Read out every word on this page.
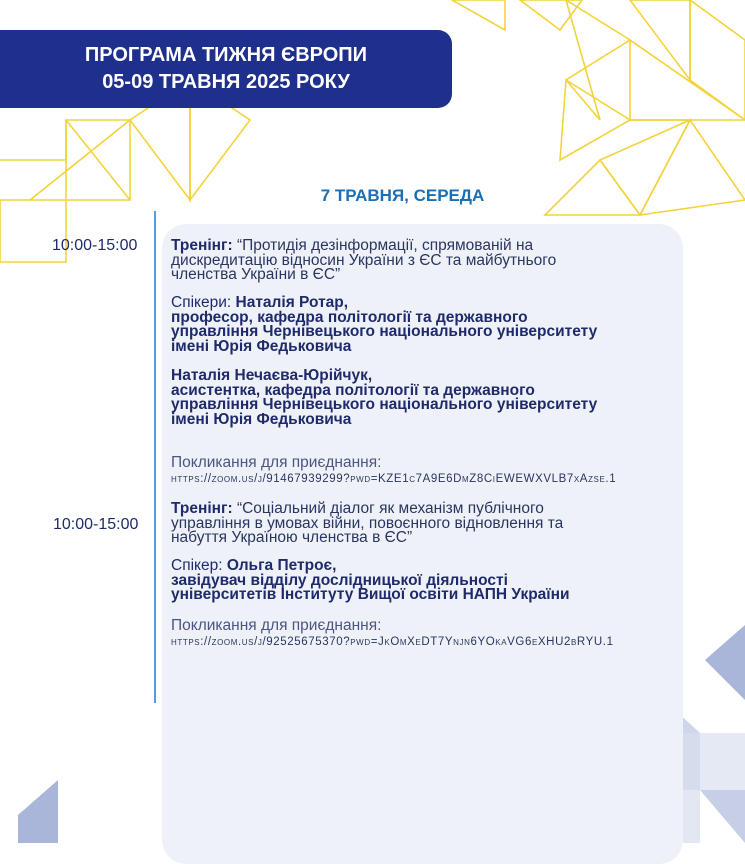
ПРОГРАМА ТИЖНЯ ЄВРОПИ
05-09 ТРАВНЯ 2025 РОКУ
7 ТРАВНЯ, СЕРЕДА
10:00-15:00 Тренінг: “Протидія дезінформації, спрямованій на
дискредитацію відносин України з ЄС та майбутнього
членства України в ЄС”
Спікери: Наталія Ротар,
професор, кафедра політології та державного
управління Чернівецького національного університету
імені Юрія Федьковича
Наталія Нечаєва-Юрійчук,
асистентка, кафедра політології та державного
управління Чернівецького національного університету
імені Юрія Федьковича
Покликання для приєднання:
https://zoom.us/j/91467939299?pwd=KZE1c7A9E6DmZ8CiEWEWXVLB7xAzse.1
10:00-15:00
Тренінг: “Соціальний діалог як механізм публічного
управління в умовах війни, повоєнного відновлення та
набуття Україною членства в ЄС”
Спікер: Ольга Петроє,
завідувач відділу дослідницької діяльності
університетів Інституту Вищої освіти НАПН України
Покликання для приєднання:
https://zoom.us/j/92525675370?pwd=JkOmXeDT7Ynjn6YOkaVG6eXHU2bRYU.1
